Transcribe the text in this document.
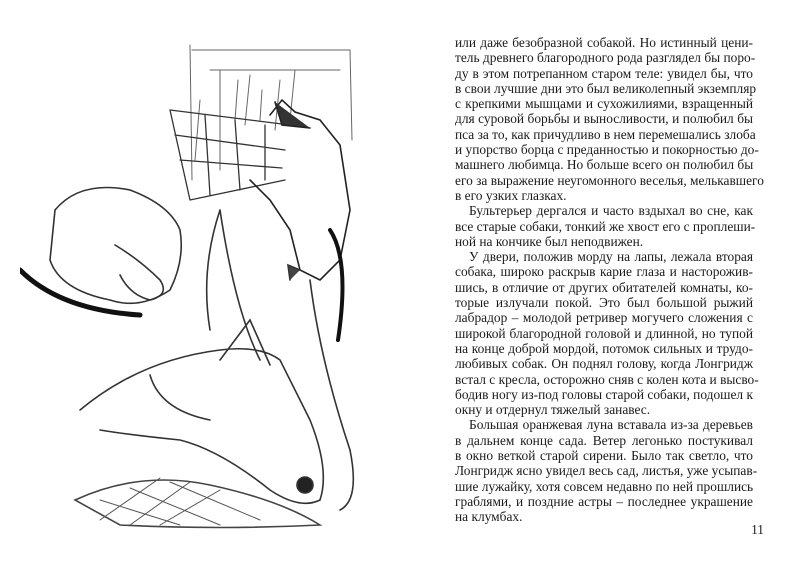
или даже безобразной собакой. Но истинный цени-
тель древнего благородного рода разглядел бы поро-
ду в этом потрепанном старом теле: увидел бы, что
в свои лучшие дни это был великолепный экземпляр
с крепкими мышцами и сухожилиями, взращенный
для суровой борьбы и выносливости, и полюбил бы
пса за то, как причудливо в нем перемешались злоба
и упорство борца с преданностью и покорностью до-
машнего любимца. Но больше всего он полюбил бы
его за выражение неугомонного веселья, мелькавшего
в его узких глазках.
Бультерьер дергался и часто вздыхал во сне, как
все старые собаки, тонкий же хвост его с проплеши-
ной на кончике был неподвижен.
У двери, положив морду на лапы, лежала вторая
собака, широко раскрыв карие глаза и насторожив-
шись, в отличие от других обитателей комнаты, ко-
торые излучали покой. Это был большой рыжий
лабрадор – молодой ретривер могучего сложения с
широкой благородной головой и длинной, но тупой
на конце доброй мордой, потомок сильных и трудо-
любивых собак. Он поднял голову, когда Лонгридж
встал с кресла, осторожно сняв с колен кота и высво-
бодив ногу из-под головы старой собаки, подошел к
окну и отдернул тяжелый занавес.
Большая оранжевая луна вставала из-за деревьев
в дальнем конце сада. Ветер легонько постукивал
в окно веткой старой сирени. Было так светло, что
Лонгридж ясно увидел весь сад, листья, уже усыпав-
шие лужайку, хотя совсем недавно по ней прошлись
граблями, и поздние астры – последнее украшение
на клумбах.
11
